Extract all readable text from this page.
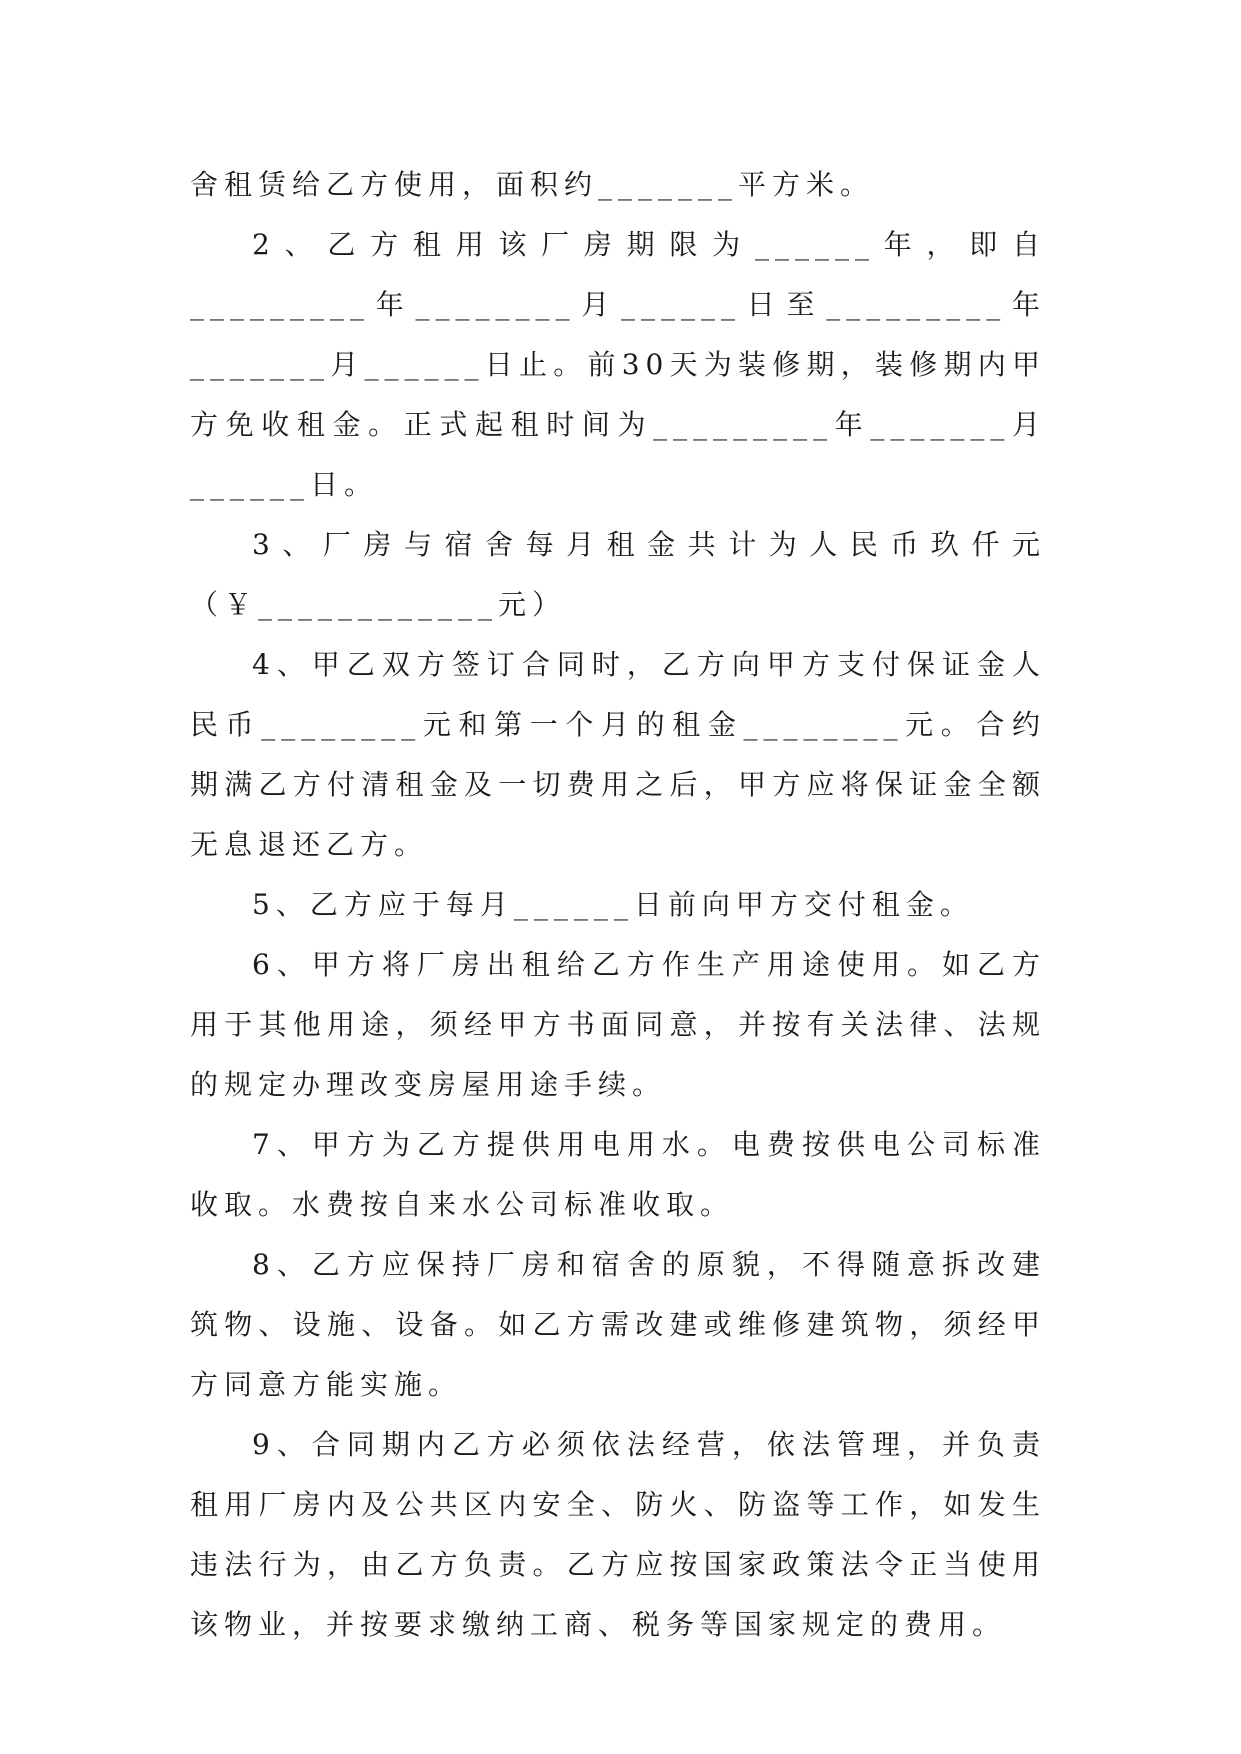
舍租赁给乙方使用，面积约_______平方米。

2、乙方租用该厂房期限为______年，即自_________年________月______日至_________年_______月______日止。前30天为装修期，装修期内甲方免收租金。正式起租时间为_________年_______月______日。

3、厂房与宿舍每月租金共计为人民币玖仟元（￥____________元）

4、甲乙双方签订合同时，乙方向甲方支付保证金人民币________元和第一个月的租金________元。合约期满乙方付清租金及一切费用之后，甲方应将保证金全额无息退还乙方。

5、乙方应于每月______日前向甲方交付租金。

6、甲方将厂房出租给乙方作生产用途使用。如乙方用于其他用途，须经甲方书面同意，并按有关法律、法规的规定办理改变房屋用途手续。

7、甲方为乙方提供用电用水。电费按供电公司标准收取。水费按自来水公司标准收取。

8、乙方应保持厂房和宿舍的原貌，不得随意拆改建筑物、设施、设备。如乙方需改建或维修建筑物，须经甲方同意方能实施。

9、合同期内乙方必须依法经营，依法管理，并负责租用厂房内及公共区内安全、防火、防盗等工作，如发生违法行为，由乙方负责。乙方应按国家政策法令正当使用该物业，并按要求缴纳工商、税务等国家规定的费用。
